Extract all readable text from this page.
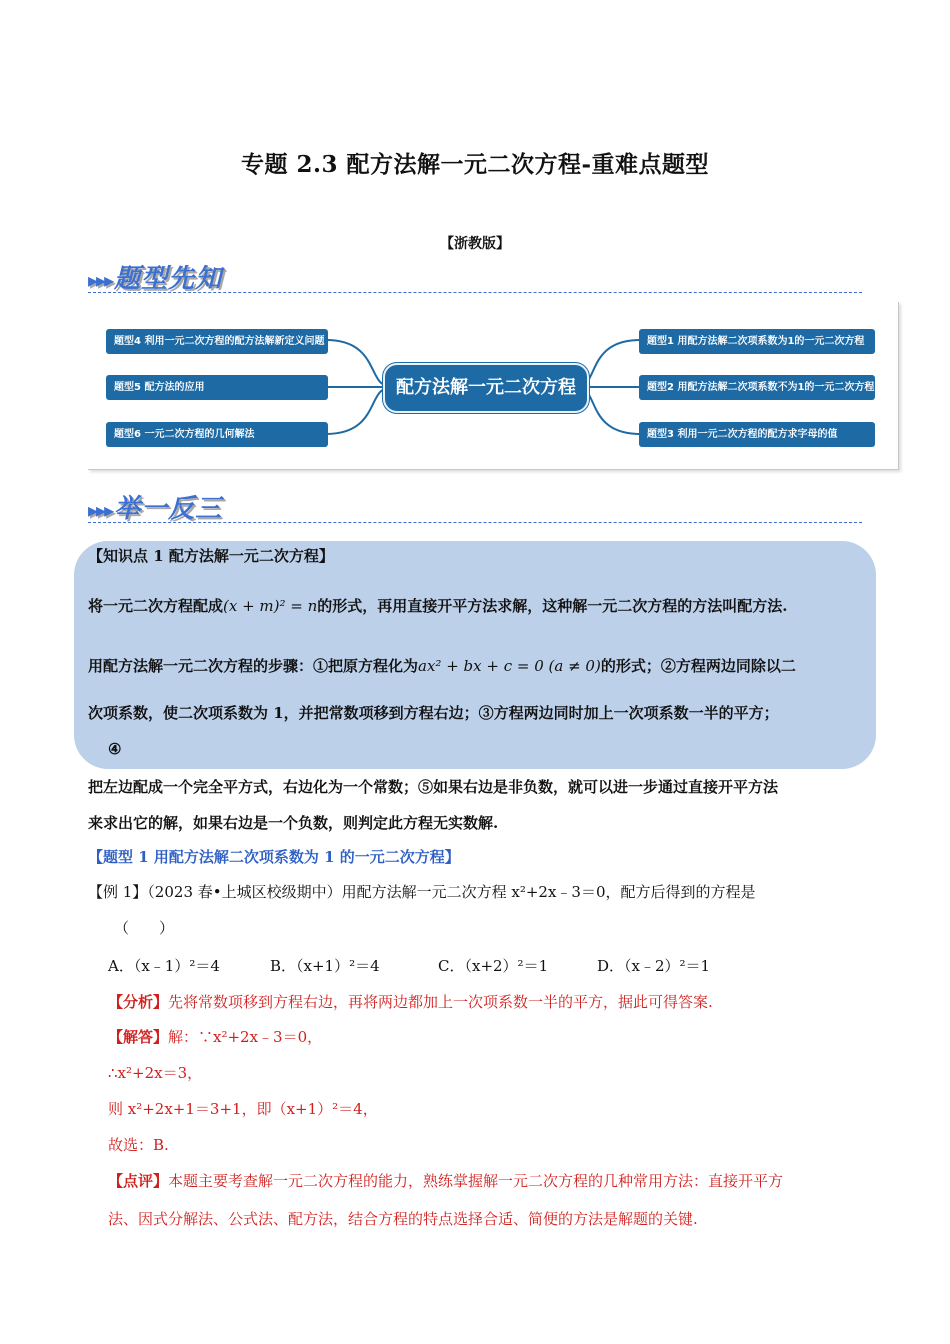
专题 2.3 配方法解一元二次方程-重难点题型
【浙教版】
▸▸▸题型先知
题型4 利用一元二次方程的配方法解新定义问题
题型5 配方法的应用
题型6 一元二次方程的几何解法
配方法解一元二次方程
题型1 用配方法解二次项系数为1的一元二次方程
题型2 用配方法解二次项系数不为1的一元二次方程
题型3 利用一元二次方程的配方求字母的值
▸▸▸举一反三
【知识点 1 配方法解一元二次方程】
将一元二次方程配成(x + m)² = n的形式，再用直接开平方法求解，这种解一元二次方程的方法叫配方法.
用配方法解一元二次方程的步骤：①把原方程化为ax² + bx + c = 0 (a ≠ 0)的形式；②方程两边同除以二
次项系数，使二次项系数为 1，并把常数项移到方程右边；③方程两边同时加上一次项系数一半的平方；
④
把左边配成一个完全平方式，右边化为一个常数；⑤如果右边是非负数，就可以进一步通过直接开平方法
来求出它的解，如果右边是一个负数，则判定此方程无实数解.
【题型 1 用配方法解二次项系数为 1 的一元二次方程】
【例 1】（2023 春•上城区校级期中）用配方法解一元二次方程 x²+2x﹣3＝0，配方后得到的方程是
（　　）
A．（x﹣1）²＝4	B．（x+1）²＝4	C．（x+2）²＝1	D．（x﹣2）²＝1
【分析】先将常数项移到方程右边，再将两边都加上一次项系数一半的平方，据此可得答案.
【解答】解：∵x²+2x﹣3＝0，
∴x²+2x＝3，
则 x²+2x+1＝3+1，即（x+1）²＝4，
故选：B.
【点评】本题主要考查解一元二次方程的能力，熟练掌握解一元二次方程的几种常用方法：直接开平方
法、因式分解法、公式法、配方法，结合方程的特点选择合适、简便的方法是解题的关键.
